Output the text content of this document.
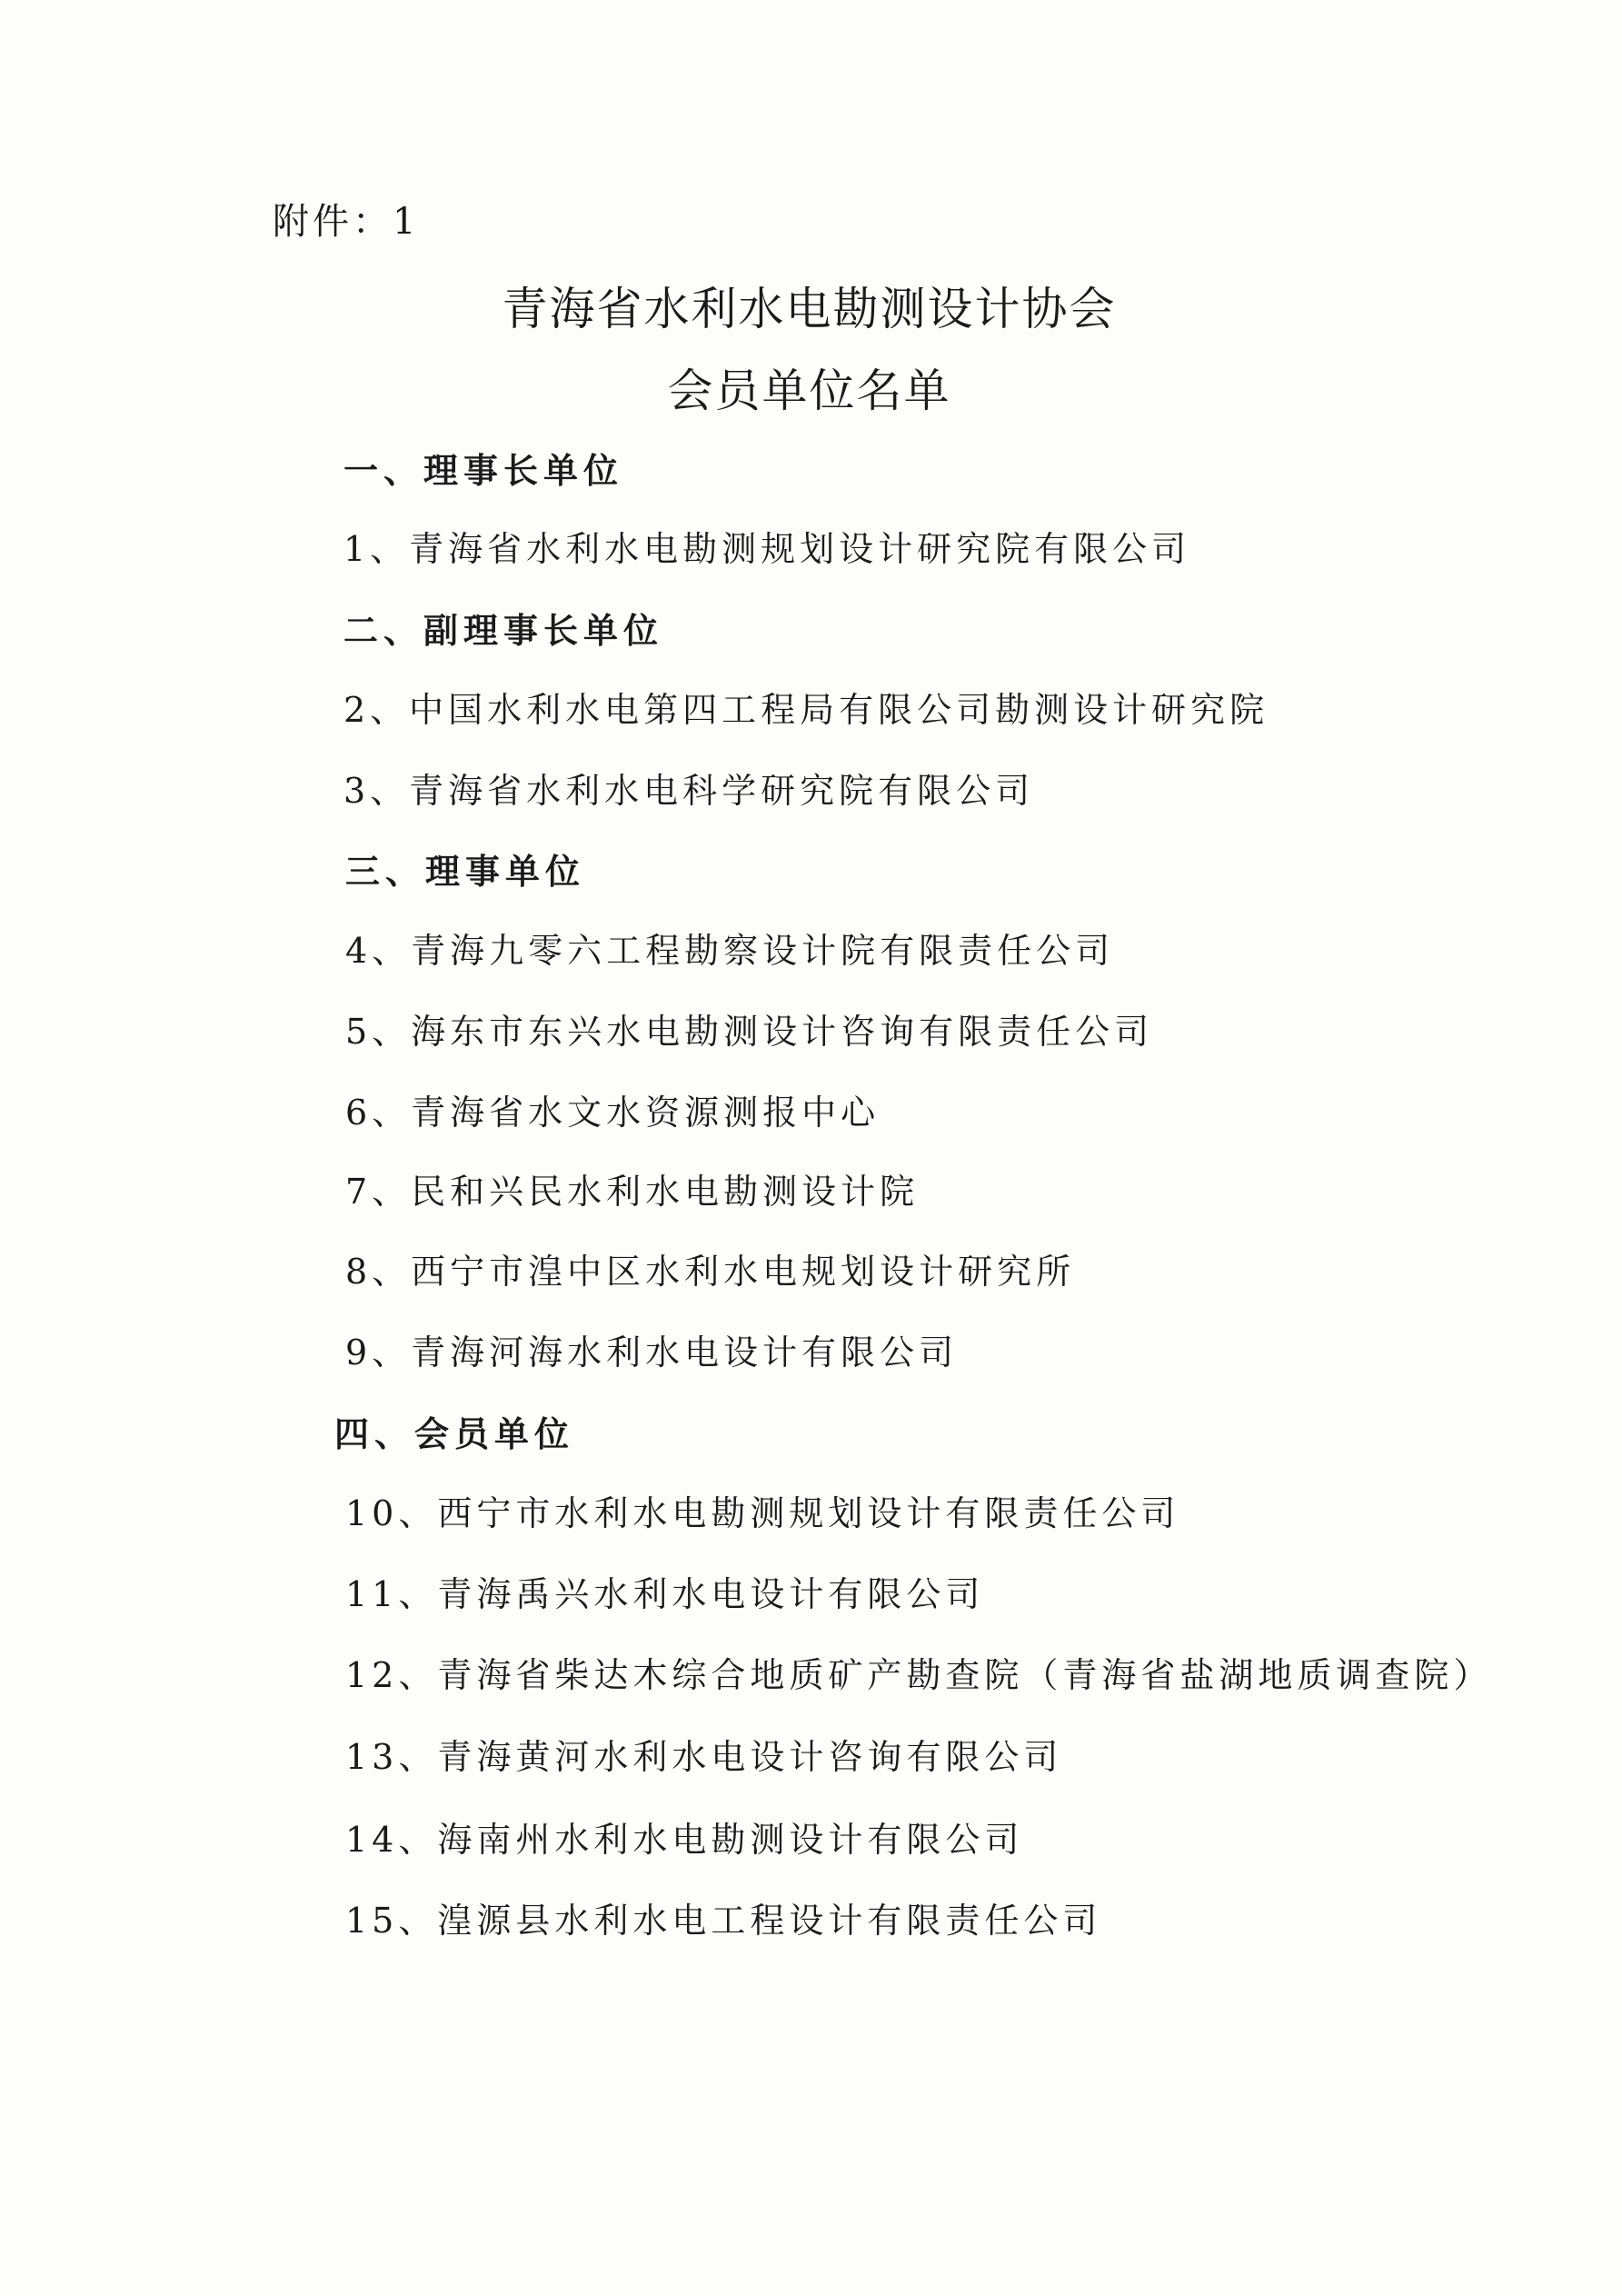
附件：1
青海省水利水电勘测设计协会
会员单位名单
一、理事长单位
1、青海省水利水电勘测规划设计研究院有限公司
二、副理事长单位
2、中国水利水电第四工程局有限公司勘测设计研究院
3、青海省水利水电科学研究院有限公司
三、理事单位
4、青海九零六工程勘察设计院有限责任公司
5、海东市东兴水电勘测设计咨询有限责任公司
6、青海省水文水资源测报中心
7、民和兴民水利水电勘测设计院
8、西宁市湟中区水利水电规划设计研究所
9、青海河海水利水电设计有限公司
四、会员单位
10、西宁市水利水电勘测规划设计有限责任公司
11、青海禹兴水利水电设计有限公司
12、青海省柴达木综合地质矿产勘查院（青海省盐湖地质调查院）
13、青海黄河水利水电设计咨询有限公司
14、海南州水利水电勘测设计有限公司
15、湟源县水利水电工程设计有限责任公司
